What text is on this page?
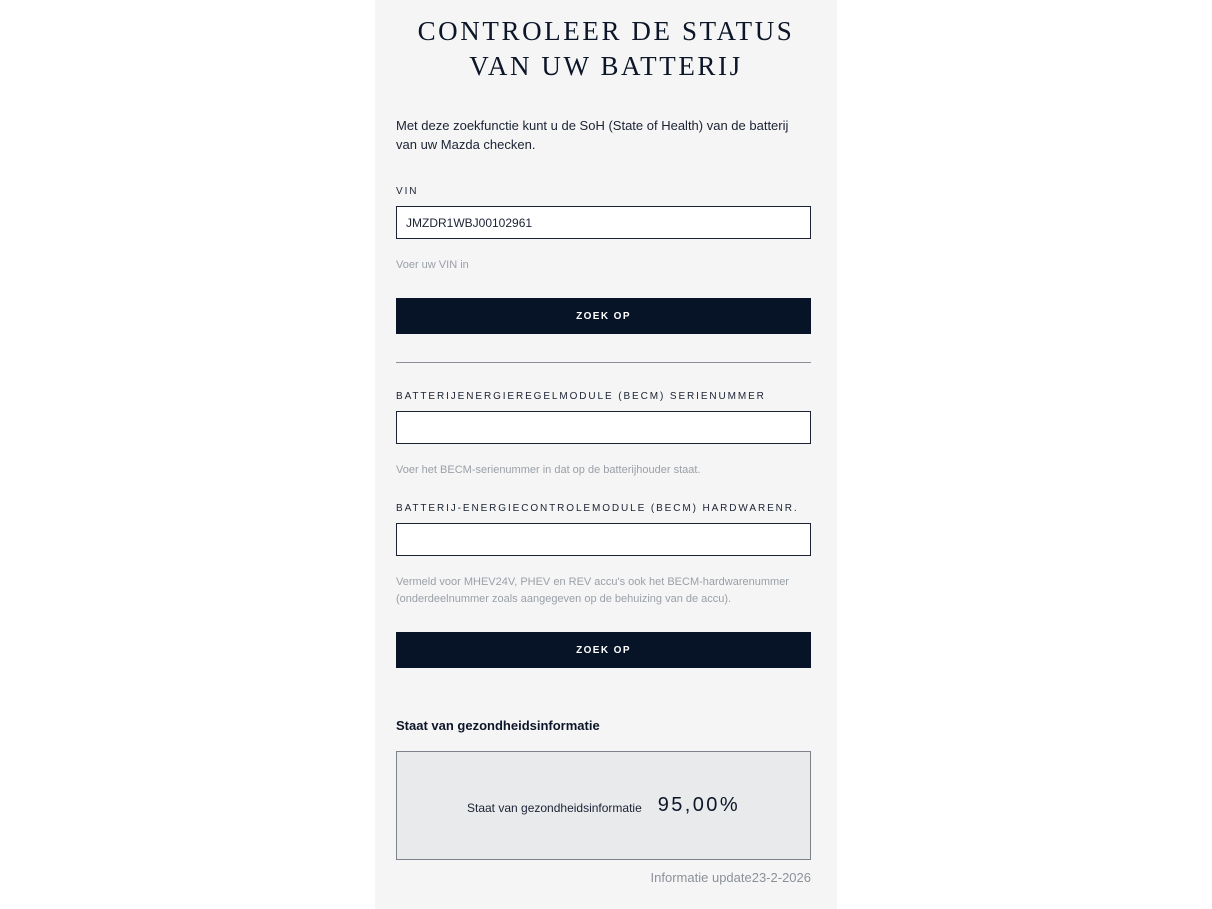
CONTROLEER DE STATUS
VAN UW BATTERIJ
Met deze zoekfunctie kunt u de SoH (State of Health) van de batterij van uw Mazda checken.
VIN
JMZDR1WBJ00102961
Voer uw VIN in
ZOEK OP
BATTERIJENERGIEREGELMODULE (BECM) SERIENUMMER
Voer het BECM-serienummer in dat op de batterijhouder staat.
BATTERIJ-ENERGIECONTROLEMODULE (BECM) HARDWARENR.
Vermeld voor MHEV24V, PHEV en REV accu's ook het BECM-hardwarenummer
(onderdeelnummer zoals aangegeven op de behuizing van de accu).
ZOEK OP
Staat van gezondheidsinformatie
Staat van gezondheidsinformatie 95,00%
Informatie update23-2-2026
